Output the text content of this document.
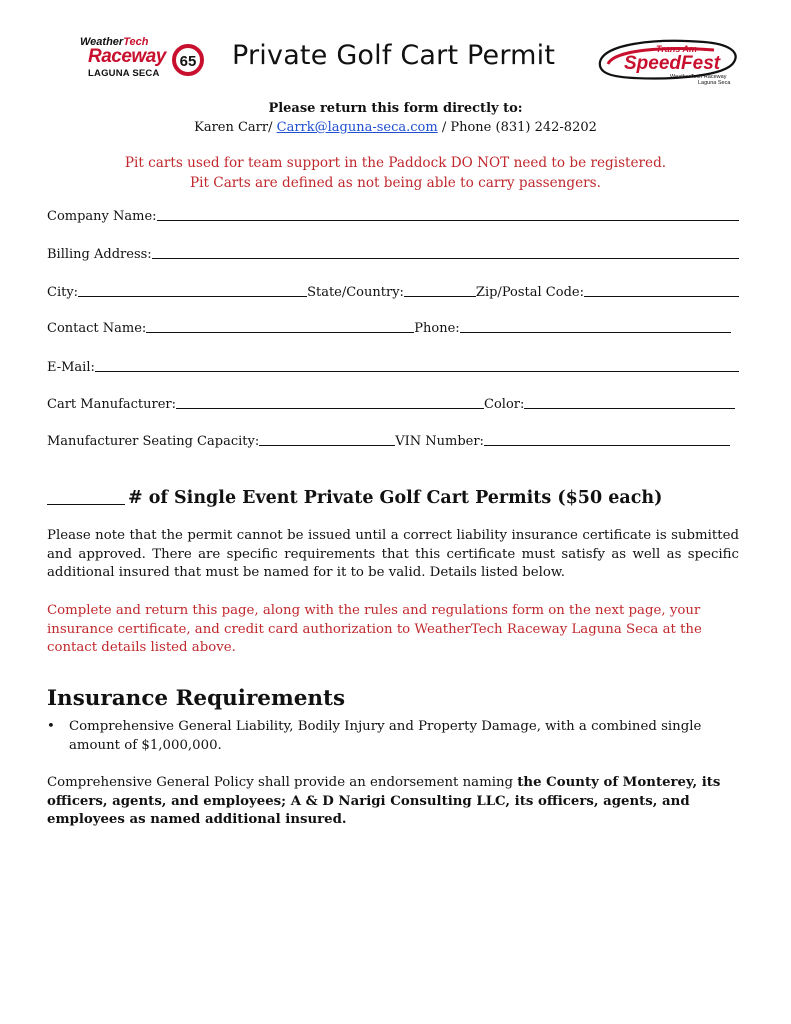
WeatherTech
Raceway
LAGUNA SECA
65 Private Golf Cart Permit	Trans Am
SpeedFest
WeatherTech Raceway
Laguna Seca
Please return this form directly to:
Karen Carr/ Carrk@laguna-seca.com / Phone (831) 242-8202
Pit carts used for team support in the Paddock DO NOT need to be registered.
Pit Carts are defined as not being able to carry passengers.
Company Name:
Billing Address:
City:	State/Country:	Zip/Postal Code:
Contact Name:	Phone:
E-Mail:
Cart Manufacturer:	Color:
Manufacturer Seating Capacity:	VIN Number:
# of Single Event Private Golf Cart Permits ($50 each)
Please note that the permit cannot be issued until a correct liability insurance certificate is submitted and approved. There are specific requirements that this certificate must satisfy as well as specific additional insured that must be named for it to be valid. Details listed below.
Complete and return this page, along with the rules and regulations form on the next page, your insurance certificate, and credit card authorization to WeatherTech Raceway Laguna Seca at the contact details listed above.
Insurance Requirements
• Comprehensive General Liability, Bodily Injury and Property Damage, with a combined single amount of $1,000,000.
Comprehensive General Policy shall provide an endorsement naming the County of Monterey, its officers, agents, and employees; A & D Narigi Consulting LLC, its officers, agents, and employees as named additional insured.
